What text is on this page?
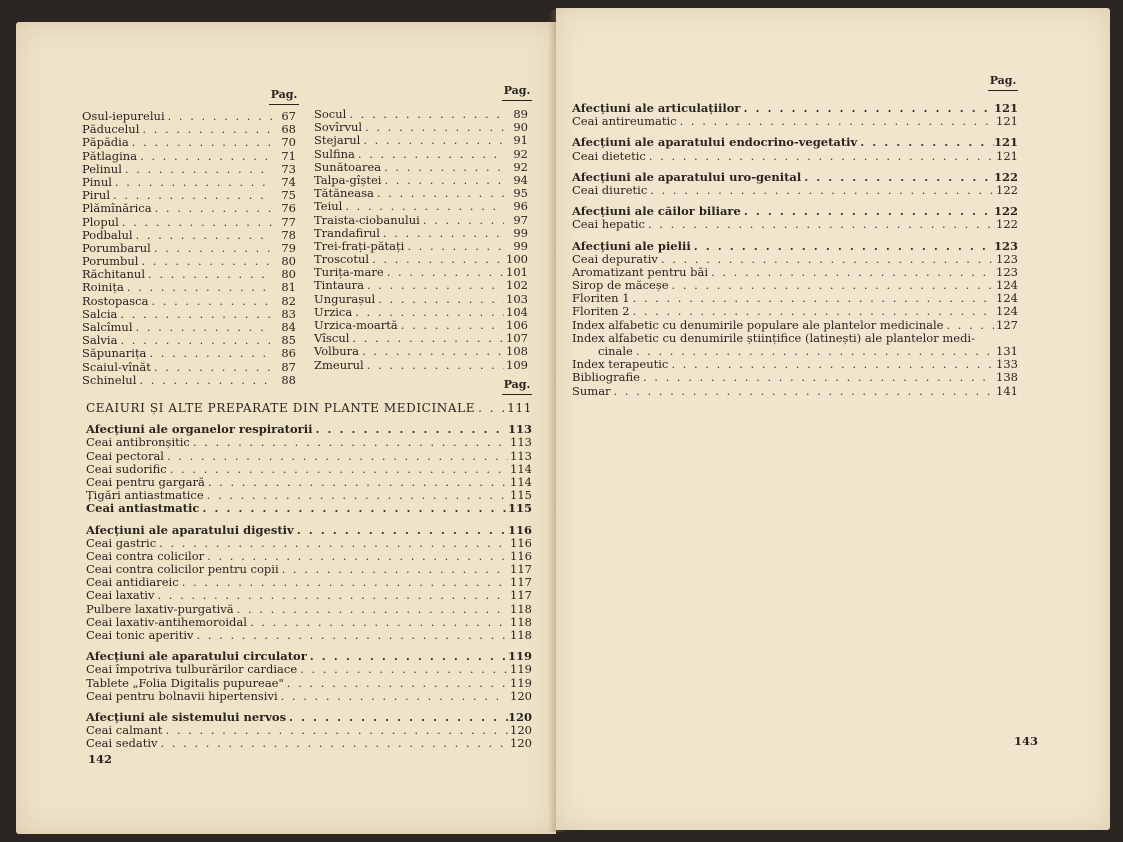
Pag.	Pag.
Osul-iepurelui . . .	67
Păducelul . . .	68
Păpădia . . .	70
Pătlagina . . .	71
Pelinul . . .	73
Pinul . . .	74
Pirul . . .	75
Plămînărica . . .	76
Plopul . . .	77
Podbalul . . .	78
Porumbarul . . .	79
Porumbul . . .	80
Răchitanul . . .	80
Roinița . . .	81
Rostopasca . . .	82
Salcia . . .	83
Salcîmul . . .	84
Salvia . . .	85
Săpunarița . . .	86
Scaiul-vînăt . . .	87
Schinelul . . .	88
Socul . . .	89
Sovîrvul . . .	90
Stejarul . . .	91
Sulfina . . .	92
Sunătoarea . . .	92
Talpa-gîștei . . .	94
Tătăneasa . . .	95
Teiul . . .	96
Traista-ciobanului . . .	97
Trandafirul . . .	99
Trei-frați-pătați . . .	99
Troscotul . . .	100
Turița-mare . . .	101
Tintaura . . .	102
Ungurașul . . .	103
Urzica . . .	104
Urzica-moartă . . .	106
Vîscul . . .	107
Volbura . . .	108
Zmeurul . . .	109
Pag.
CEAIURI ȘI ALTE PREPARATE DIN PLANTE MEDICINALE . . .	111
Afecțiuni ale organelor respiratorii . . .	113
Ceai antibronșitic . . .	113
Ceai pectoral . . .	113
Ceai sudorific . . .	114
Ceai pentru gargară . . .	114
Țigări antiastmatice . . .	115
Ceai antiastmatic . . .	115
Afecțiuni ale aparatului digestiv . . .	116
Ceai gastric . . .	116
Ceai contra colicilor . . .	116
Ceai contra colicilor pentru copii . . .	117
Ceai antidiareic . . .	117
Ceai laxativ . . .	117
Pulbere laxativ-purgativă . . .	118
Ceai laxativ-antihemoroidal . . .	118
Ceai tonic aperitiv . . .	118
Afecțiuni ale aparatului circulator . . .	119
Ceai împotriva tulburărilor cardiace . . .	119
Tablete „Folia Digitalis pupureae" . . .	119
Ceai pentru bolnavii hipertensivi . . .	120
Afecțiuni ale sistemului nervos . . .	120
Ceai calmant . . .	120
Ceai sedativ . . .	120
142
Pag.
Afecțiuni ale articulațiilor . . .	121
Ceai antireumatic . . .	121
Afecțiuni ale aparatului endocrino-vegetativ . . .	121
Ceai dietetic . . .	121
Afecțiuni ale aparatului uro-genital . . .	122
Ceai diuretic . . .	122
Afecțiuni ale căilor biliare . . .	122
Ceai hepatic . . .	122
Afecțiuni ale pielii . . .	123
Ceai depurativ . . .	123
Aromatizant pentru băi . . .	123
Sirop de măceșe . . .	124
Floriten 1 . . .	124
Floriten 2 . . .	124
Index alfabetic cu denumirile populare ale plantelor medicinale . . .	127
Index alfabetic cu denumirile științifice (latinești) ale plantelor medi-
cinale . . .	131
Index terapeutic . . .	133
Bibliografie . . .	138
Sumar . . .	141
143
